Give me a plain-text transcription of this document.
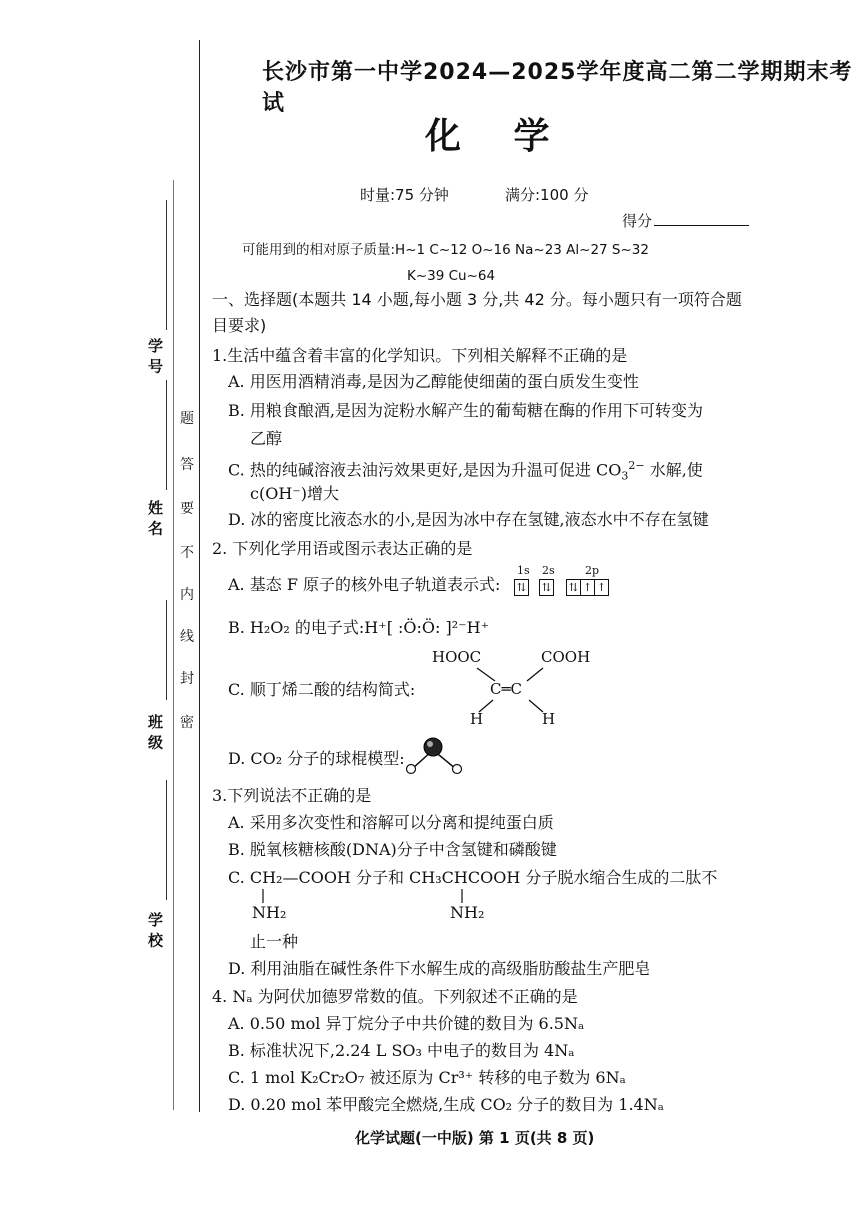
学 号
姓 名
班 级
学 校
密
封
线
内
不
要
答
题
长沙市第一中学2024—2025学年度高二第二学期期末考试
化 学
时量:75 分钟	满分:100 分
得分
可能用到的相对原子质量:H~1 C~12 O~16 Na~23 Al~27 S~32
K~39 Cu~64
一、选择题(本题共 14 小题,每小题 3 分,共 42 分。每小题只有一项符合题目要求)
1.生活中蕴含着丰富的化学知识。下列相关解释不正确的是
A. 用医用酒精消毒,是因为乙醇能使细菌的蛋白质发生变性
B. 用粮食酿酒,是因为淀粉水解产生的葡萄糖在酶的作用下可转变为
乙醇
C. 热的纯碱溶液去油污效果更好,是因为升温可促进 $CO_3^{2-}$ 水解,使
c(OH⁻)增大
D. 冰的密度比液态水的小,是因为冰中存在氢键,液态水中不存在氢键
2. 下列化学用语或图示表达正确的是
A. 基态 F 原子的核外电子轨道表示式:
1s 2s	2p
⇅ ⇅ ⇅ ↑ ↑
B. H₂O₂ 的电子式:H⁺[ :Ö:Ö: ]²⁻H⁺
HOOC	COOH
C. 顺丁烯二酸的结构简式:	C═C
H	H
D. CO₂ 分子的球棍模型:
3.下列说法不正确的是
A. 采用多次变性和溶解可以分离和提纯蛋白质
B. 脱氧核糖核酸(DNA)分子中含氢键和磷酸键
C. CH₂—COOH 分子和 CH₃CHCOOH 分子脱水缩合生成的二肽不
NH₂	NH₂
止一种
D. 利用油脂在碱性条件下水解生成的高级脂肪酸盐生产肥皂
4. Nₐ 为阿伏加德罗常数的值。下列叙述不正确的是
A. 0.50 mol 异丁烷分子中共价键的数目为 6.5Nₐ
B. 标准状况下,2.24 L SO₃ 中电子的数目为 4Nₐ
C. 1 mol K₂Cr₂O₇ 被还原为 Cr³⁺ 转移的电子数为 6Nₐ
D. 0.20 mol 苯甲酸完全燃烧,生成 CO₂ 分子的数目为 1.4Nₐ
化学试题(一中版) 第 1 页(共 8 页)
